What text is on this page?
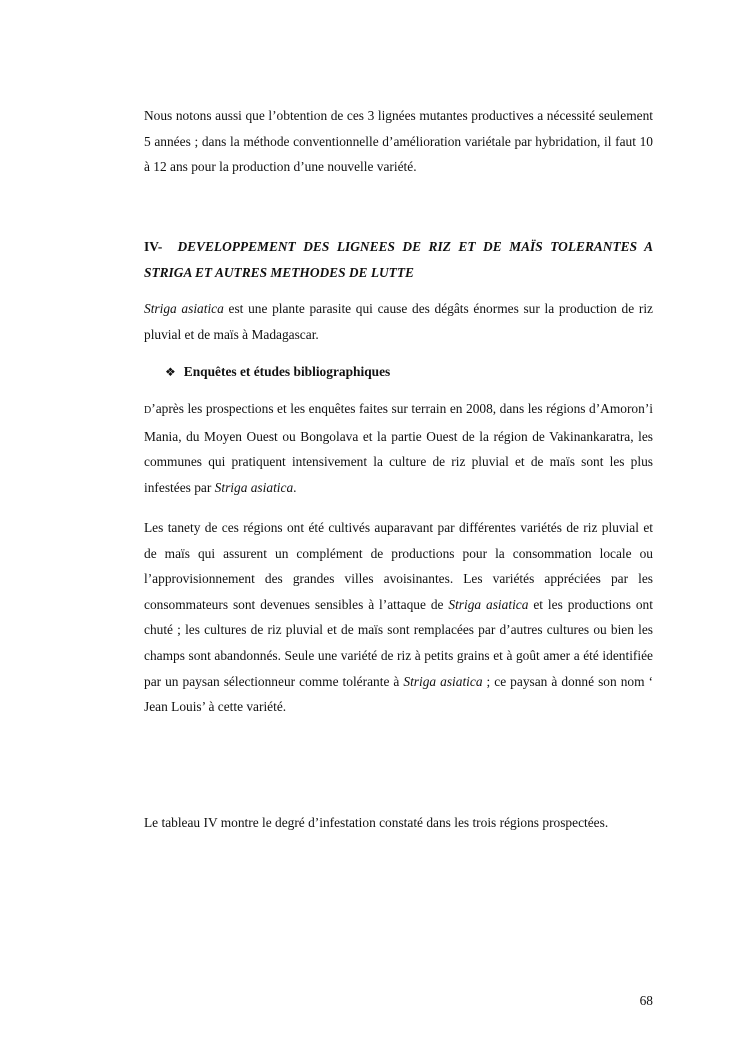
Nous notons aussi que l’obtention de ces 3 lignées mutantes productives a nécessité seulement 5 années ; dans la méthode conventionnelle d’amélioration variétale par hybridation, il faut 10 à 12 ans pour la production d’une nouvelle variété.

IV- DEVELOPPEMENT DES LIGNEES DE RIZ ET DE MAÏS TOLERANTES A STRIGA ET AUTRES METHODES DE LUTTE

Striga asiatica est une plante parasite qui cause des dégâts énormes sur la production de riz pluvial et de maïs à Madagascar.

❖ Enquêtes et études bibliographiques

D’après les prospections et les enquêtes faites sur terrain en 2008, dans les régions d’Amoron’i Mania, du Moyen Ouest ou Bongolava et la partie Ouest de la région de Vakinankaratra, les communes qui pratiquent intensivement la culture de riz pluvial et de maïs sont les plus infestées par Striga asiatica.

Les tanety de ces régions ont été cultivés auparavant par différentes variétés de riz pluvial et de maïs qui assurent un complément de productions pour la consommation locale ou l’approvisionnement des grandes villes avoisinantes. Les variétés appréciées par les consommateurs sont devenues sensibles à l’attaque de Striga asiatica et les productions ont chuté ; les cultures de riz pluvial et de maïs sont remplacées par d’autres cultures ou bien les champs sont abandonnés. Seule une variété de riz à petits grains et à goût amer a été identifiée par un paysan sélectionneur comme tolérante à Striga asiatica ; ce paysan à donné son nom ‘ Jean Louis’ à cette variété.

Le tableau IV montre le degré d’infestation constaté dans les trois régions prospectées.

68
